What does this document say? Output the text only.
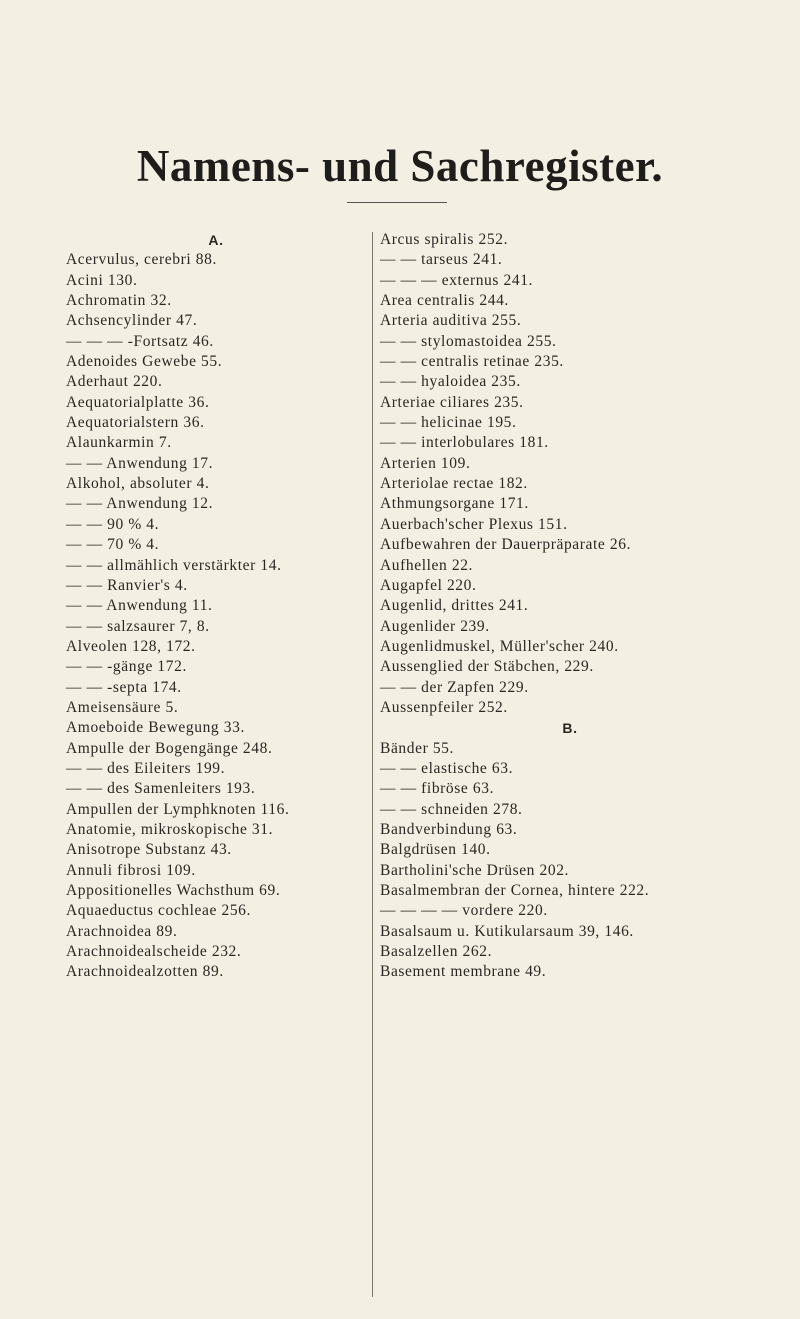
Namens- und Sachregister.
A.
Acervulus, cerebri 88.
Acini 130.
Achromatin 32.
Achsencylinder 47.
— — — -Fortsatz 46.
Adenoides Gewebe 55.
Aderhaut 220.
Aequatorialplatte 36.
Aequatorialstern 36.
Alaunkarmin 7.
— — Anwendung 17.
Alkohol, absoluter 4.
— — Anwendung 12.
— — 90 % 4.
— — 70 % 4.
— — allmählich verstärkter 14.
— — Ranvier's 4.
— — Anwendung 11.
— — salzsaurer 7, 8.
Alveolen 128, 172.
— — -gänge 172.
— — -septa 174.
Ameisensäure 5.
Amoeboide Bewegung 33.
Ampulle der Bogengänge 248.
— — des Eileiters 199.
— — des Samenleiters 193.
Ampullen der Lymphknoten 116.
Anatomie, mikroskopische 31.
Anisotrope Substanz 43.
Annuli fibrosi 109.
Appositionelles Wachsthum 69.
Aquaeductus cochleae 256.
Arachnoidea 89.
Arachnoidealscheide 232.
Arachnoidealzotten 89.
Arcus spiralis 252.
— — tarseus 241.
— — — externus 241.
Area centralis 244.
Arteria auditiva 255.
— — stylomastoidea 255.
— — centralis retinae 235.
— — hyaloidea 235.
Arteriae ciliares 235.
— — helicinae 195.
— — interlobulares 181.
Arterien 109.
Arteriolae rectae 182.
Athmungsorgane 171.
Auerbach'scher Plexus 151.
Aufbewahren der Dauerpräparate 26.
Aufhellen 22.
Augapfel 220.
Augenlid, drittes 241.
Augenlider 239.
Augenlidmuskel, Müller'scher 240.
Aussenglied der Stäbchen, 229.
— — der Zapfen 229.
Aussenpfeiler 252.
B.
Bänder 55.
— — elastische 63.
— — fibröse 63.
— — schneiden 278.
Bandverbindung 63.
Balgdrüsen 140.
Bartholini'sche Drüsen 202.
Basalmembran der Cornea, hintere 222.
— — — — vordere 220.
Basalsaum u. Kutikularsaum 39, 146.
Basalzellen 262.
Basement membrane 49.
